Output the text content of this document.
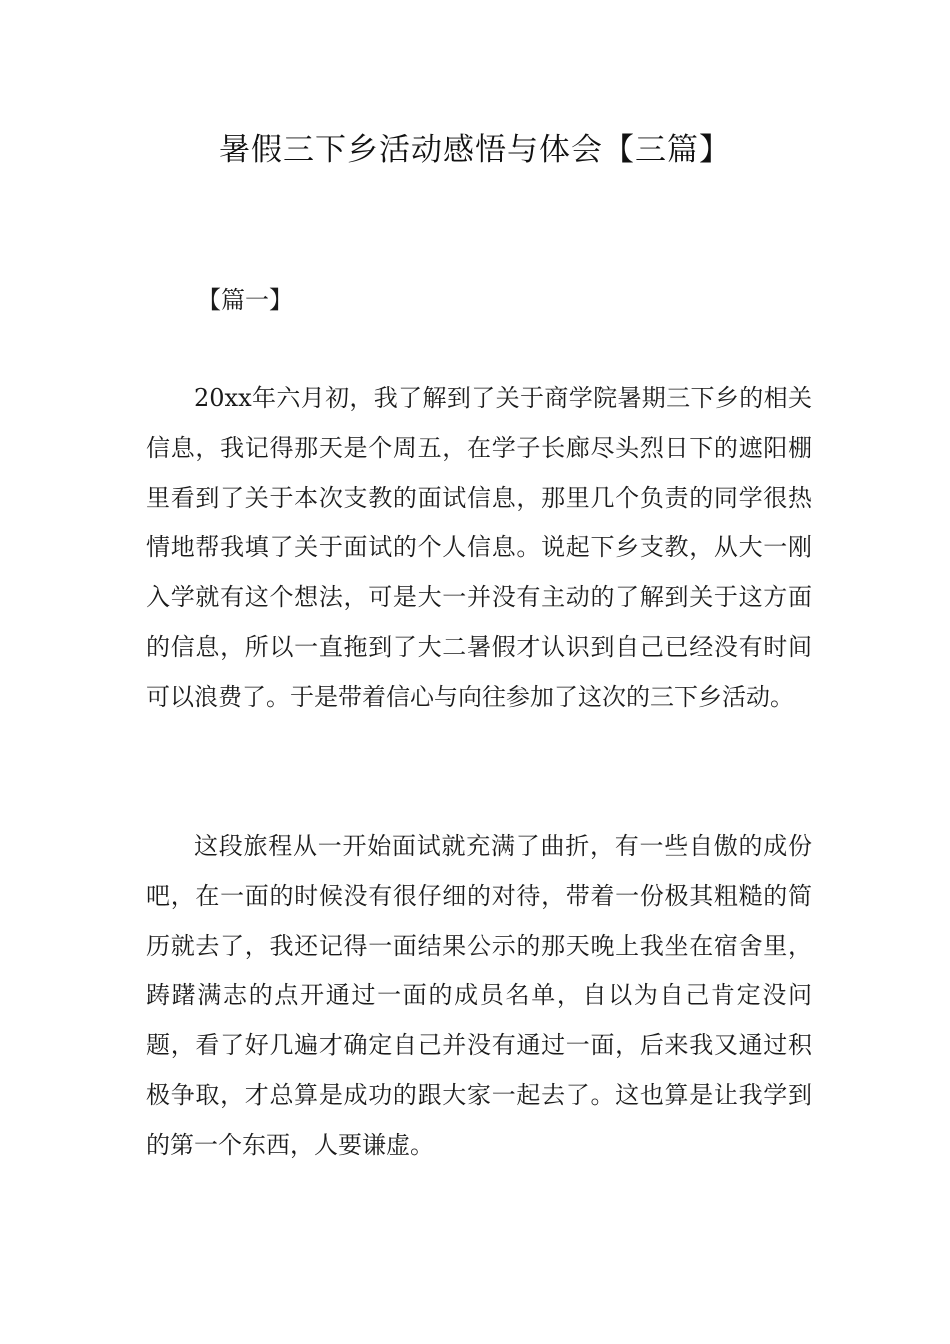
暑假三下乡活动感悟与体会【三篇】
【篇一】

20xx年六月初，我了解到了关于商学院暑期三下乡的相关信息，我记得那天是个周五，在学子长廊尽头烈日下的遮阳棚里看到了关于本次支教的面试信息，那里几个负责的同学很热情地帮我填了关于面试的个人信息。说起下乡支教，从大一刚入学就有这个想法，可是大一并没有主动的了解到关于这方面的信息，所以一直拖到了大二暑假才认识到自己已经没有时间可以浪费了。于是带着信心与向往参加了这次的三下乡活动。

这段旅程从一开始面试就充满了曲折，有一些自傲的成份吧，在一面的时候没有很仔细的对待，带着一份极其粗糙的简历就去了，我还记得一面结果公示的那天晚上我坐在宿舍里，踌躇满志的点开通过一面的成员名单，自以为自己肯定没问题，看了好几遍才确定自己并没有通过一面，后来我又通过积极争取，才总算是成功的跟大家一起去了。这也算是让我学到的第一个东西，人要谦虚。
